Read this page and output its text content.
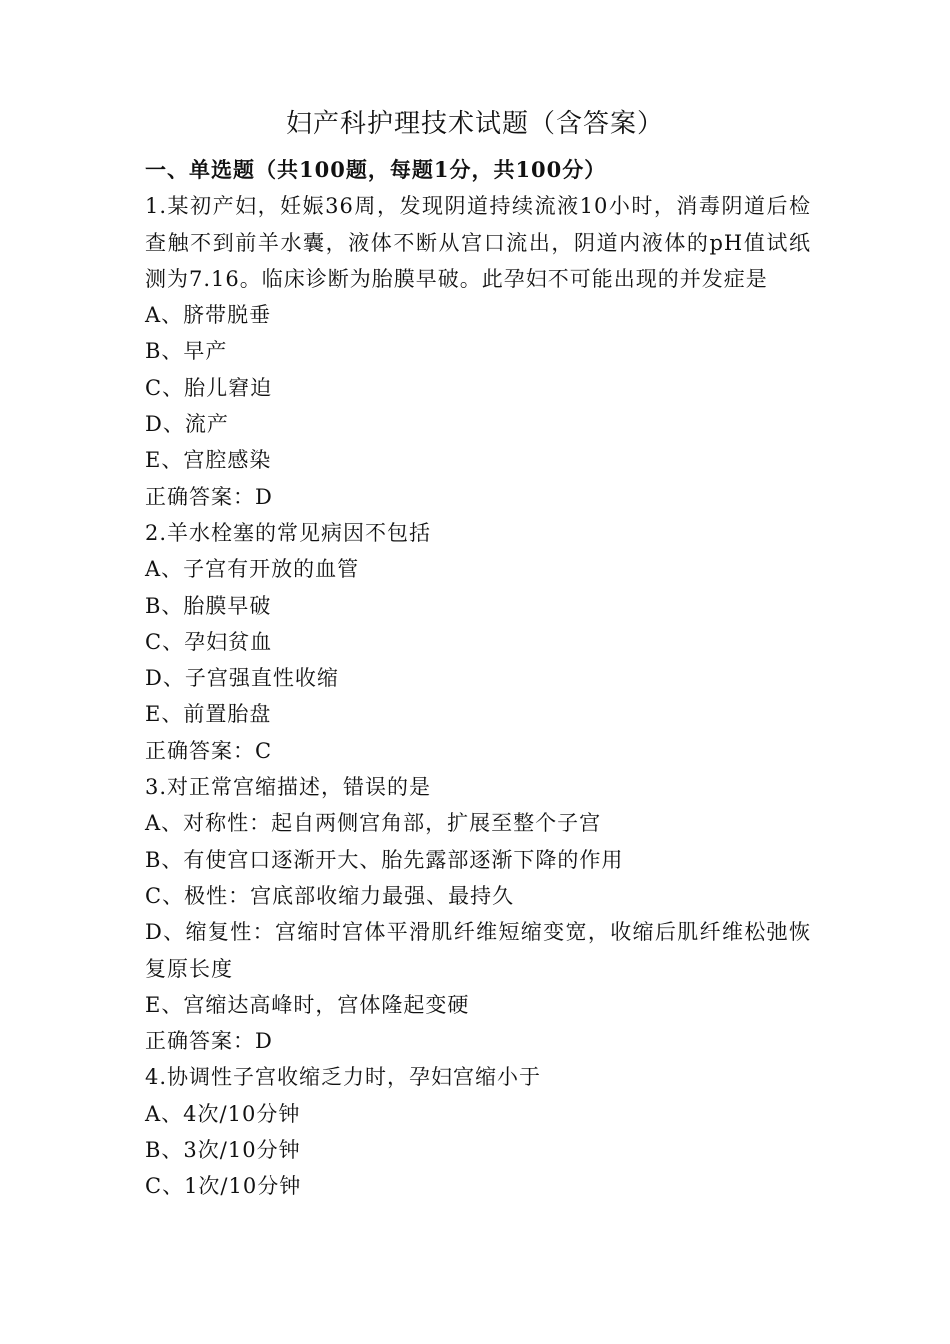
妇产科护理技术试题（含答案）

一、单选题（共100题，每题1分，共100分）

1.某初产妇，妊娠36周，发现阴道持续流液10小时，消毒阴道后检查触不到前羊水囊，液体不断从宫口流出，阴道内液体的pH值试纸测为7.16。临床诊断为胎膜早破。此孕妇不可能出现的并发症是

A、脐带脱垂

B、早产

C、胎儿窘迫

D、流产

E、宫腔感染

正确答案：D

2.羊水栓塞的常见病因不包括

A、子宫有开放的血管

B、胎膜早破

C、孕妇贫血

D、子宫强直性收缩

E、前置胎盘

正确答案：C

3.对正常宫缩描述，错误的是

A、对称性：起自两侧宫角部，扩展至整个子宫

B、有使宫口逐渐开大、胎先露部逐渐下降的作用

C、极性：宫底部收缩力最强、最持久

D、缩复性：宫缩时宫体平滑肌纤维短缩变宽，收缩后肌纤维松弛恢复原长度

E、宫缩达高峰时，宫体隆起变硬

正确答案：D

4.协调性子宫收缩乏力时，孕妇宫缩小于

A、4次/10分钟

B、3次/10分钟

C、1次/10分钟
